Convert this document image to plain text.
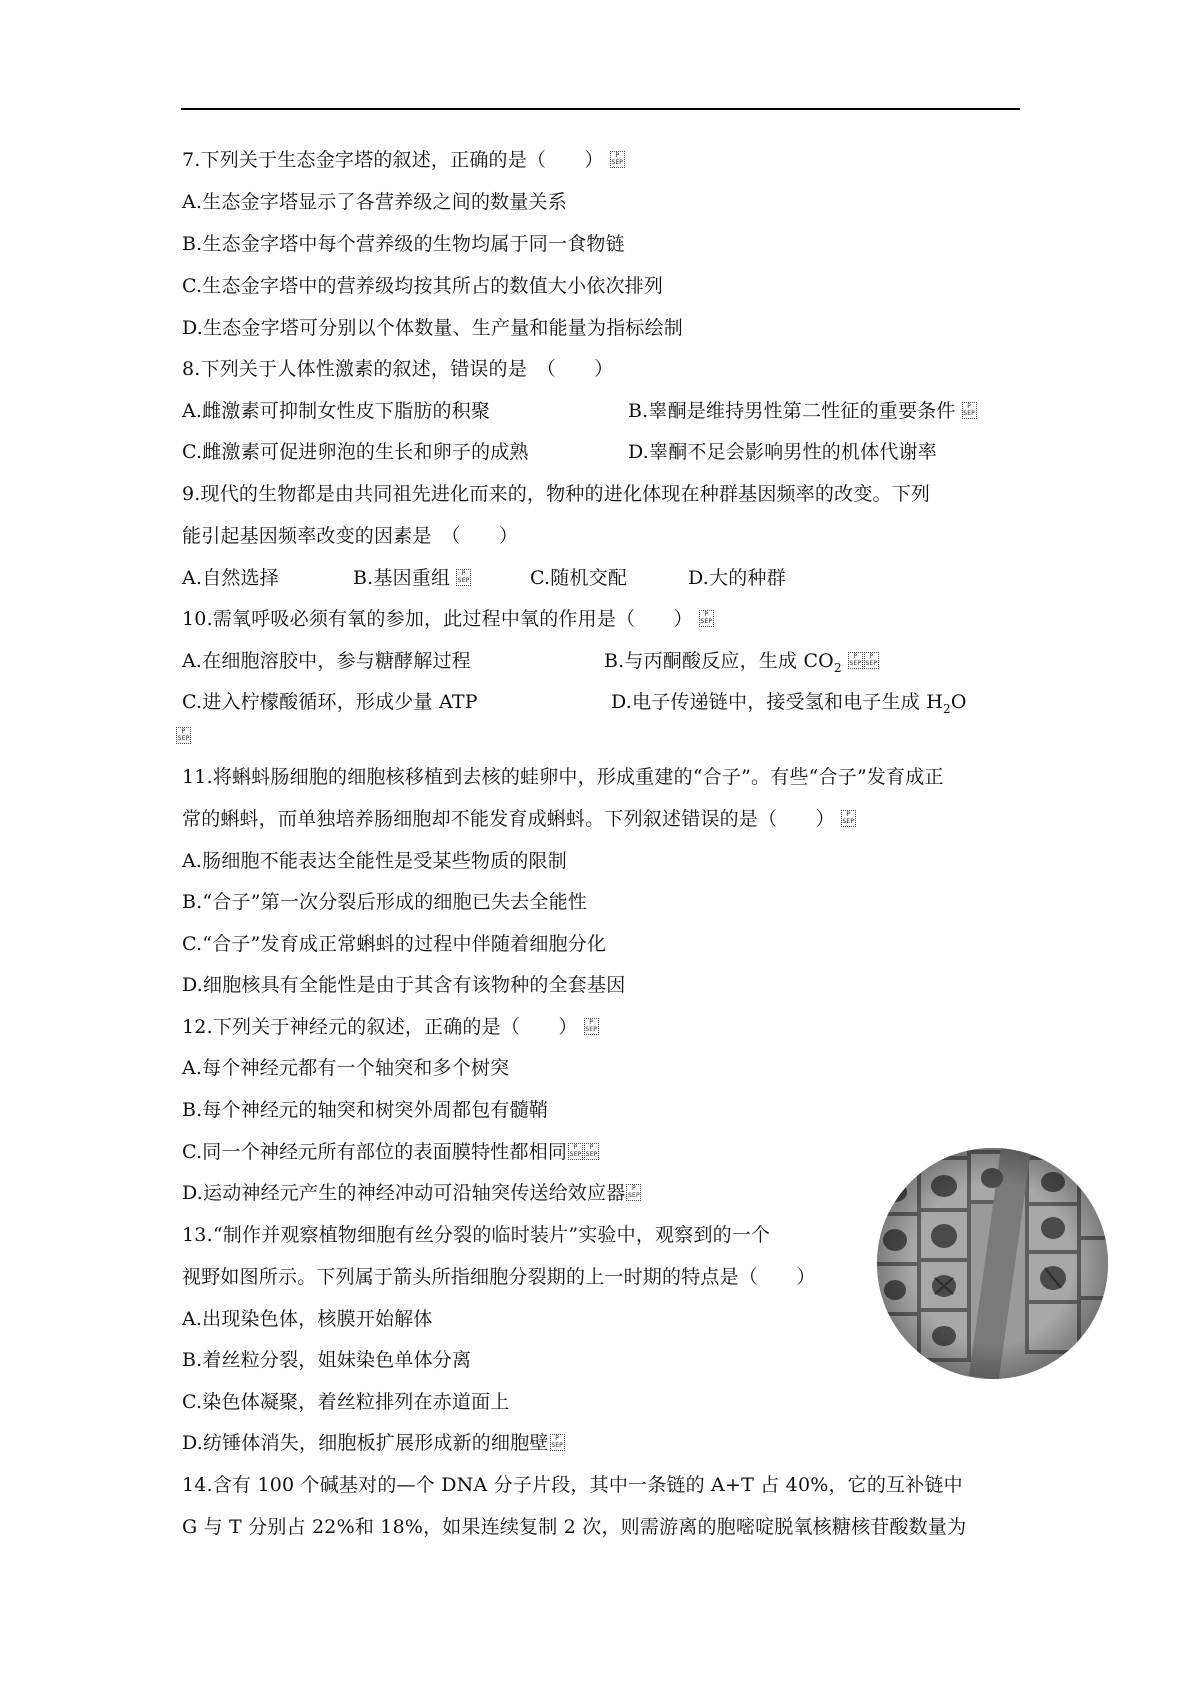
7.下列关于生态金字塔的叙述，正确的是（　　）	P
SEP
A.生态金字塔显示了各营养级之间的数量关系
B.生态金字塔中每个营养级的生物均属于同一食物链
C.生态金字塔中的营养级均按其所占的数值大小依次排列
D.生态金字塔可分别以个体数量、生产量和能量为指标绘制
8.下列关于人体性激素的叙述，错误的是　（　　）
A.雌激素可抑制女性皮下脂肪的积聚	B.睾酮是维持男性第二性征的重要条件	P
SEP
C.雌激素可促进卵泡的生长和卵子的成熟	D.睾酮不足会影响男性的机体代谢率
9.现代的生物都是由共同祖先进化而来的，物种的进化体现在种群基因频率的改变。下列
能引起基因频率改变的因素是　（　　）
A.自然选择	B.基因重组	P
SEP	C.随机交配	D.大的种群
10.需氧呼吸必须有氧的参加，此过程中氧的作用是（　　）	P
SEP
A.在细胞溶胶中，参与糖酵解过程	B.与丙酮酸反应，生成 $CO_2$
P
SEP
P
SEP
C.进入柠檬酸循环，形成少量 ATP	D.电子传递链中，接受氢和电子生成 $H_2O$
P
SEP
11.将蝌蚪肠细胞的细胞核移植到去核的蛙卵中，形成重建的“合子”。有些“合子”发育成正
常的蝌蚪，而单独培养肠细胞却不能发育成蝌蚪。下列叙述错误的是（　　）	P
SEP
A.肠细胞不能表达全能性是受某些物质的限制
B.“合子”第一次分裂后形成的细胞已失去全能性
C.“合子”发育成正常蝌蚪的过程中伴随着细胞分化
D.细胞核具有全能性是由于其含有该物种的全套基因
12.下列关于神经元的叙述，正确的是（　　）	P
SEP
A.每个神经元都有一个轴突和多个树突
B.每个神经元的轴突和树突外周都包有髓鞘
C.同一个神经元所有部位的表面膜特性都相同	P
SEP
P
SEP
D.运动神经元产生的神经冲动可沿轴突传送给效应器	P
SEP
13.“制作并观察植物细胞有丝分裂的临时装片”实验中，观察到的一个
视野如图所示。下列属于箭头所指细胞分裂期的上一时期的特点是（　　）
A.出现染色体，核膜开始解体
B.着丝粒分裂，姐妹染色单体分离
C.染色体凝聚，着丝粒排列在赤道面上
D.纺锤体消失，细胞板扩展形成新的细胞壁	P
SEP
14.含有 100 个碱基对的—个 DNA 分子片段，其中一条链的 A+T 占 40%，它的互补链中
G 与 T 分别占 22%和 18%，如果连续复制 2 次，则需游离的胞嘧啶脱氧核糖核苷酸数量为
